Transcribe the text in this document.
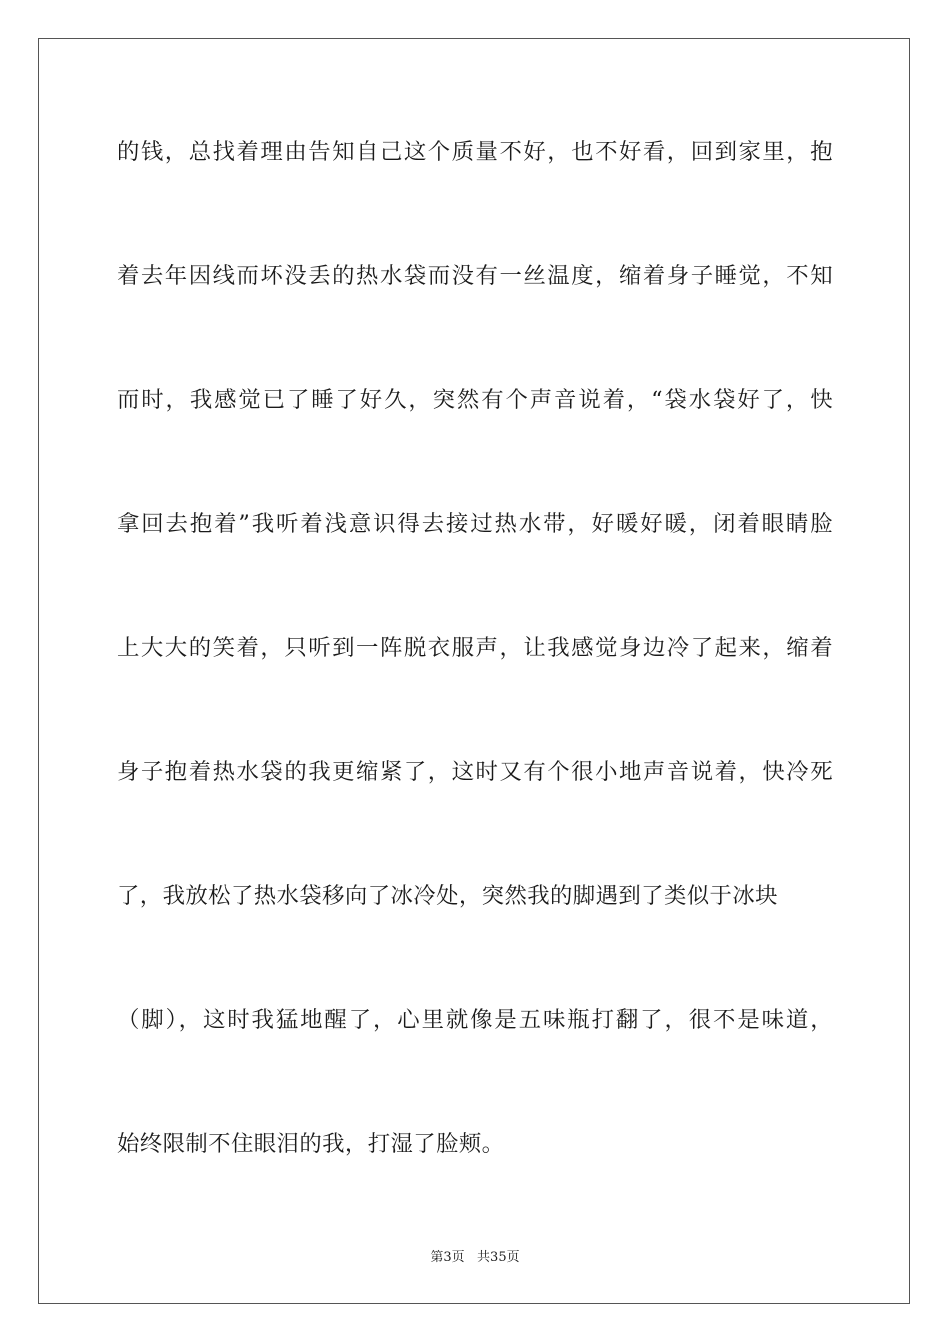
的钱，总找着理由告知自己这个质量不好，也不好看，回到家里，抱
着去年因线而坏没丢的热水袋而没有一丝温度，缩着身子睡觉，不知
而时，我感觉已了睡了好久，突然有个声音说着，“袋水袋好了，快
拿回去抱着”我听着浅意识得去接过热水带，好暖好暖，闭着眼睛脸
上大大的笑着，只听到一阵脱衣服声，让我感觉身边冷了起来，缩着
身子抱着热水袋的我更缩紧了，这时又有个很小地声音说着，快冷死
了，我放松了热水袋移向了冰冷处，突然我的脚遇到了类似于冰块
（脚），这时我猛地醒了，心里就像是五味瓶打翻了，很不是味道，
始终限制不住眼泪的我，打湿了脸颊。
第3页   共35页
